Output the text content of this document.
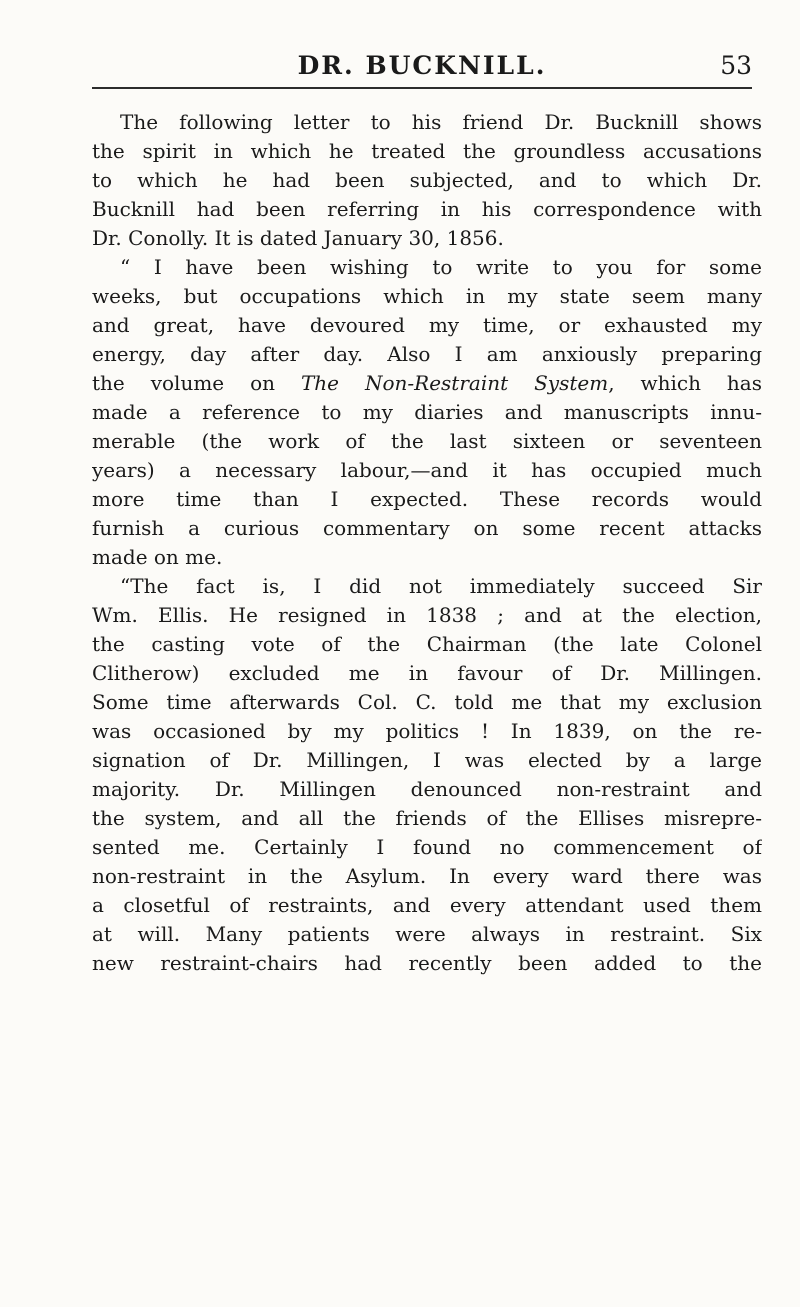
DR. BUCKNILL.	53

The following letter to his friend Dr. Bucknill shows

the spirit in which he treated the groundless accusations

to which he had been subjected, and to which Dr.

Bucknill had been referring in his correspondence with

Dr. Conolly. It is dated January 30, 1856.

“ I have been wishing to write to you for some

weeks, but occupations which in my state seem many

and great, have devoured my time, or exhausted my

energy, day after day. Also I am anxiously preparing

the volume on The Non-Restraint System, which has

made a reference to my diaries and manuscripts innu-

merable (the work of the last sixteen or seventeen

years) a necessary labour,—and it has occupied much

more time than I expected. These records would

furnish a curious commentary on some recent attacks

made on me.

“The fact is, I did not immediately succeed Sir

Wm. Ellis. He resigned in 1838 ; and at the election,

the casting vote of the Chairman (the late Colonel

Clitherow) excluded me in favour of Dr. Millingen.

Some time afterwards Col. C. told me that my exclusion

was occasioned by my politics ! In 1839, on the re-

signation of Dr. Millingen, I was elected by a large

majority. Dr. Millingen denounced non-restraint and

the system, and all the friends of the Ellises misrepre-

sented me. Certainly I found no commencement of

non-restraint in the Asylum. In every ward there was

a closetful of restraints, and every attendant used them

at will. Many patients were always in restraint. Six

new restraint-chairs had recently been added to the
